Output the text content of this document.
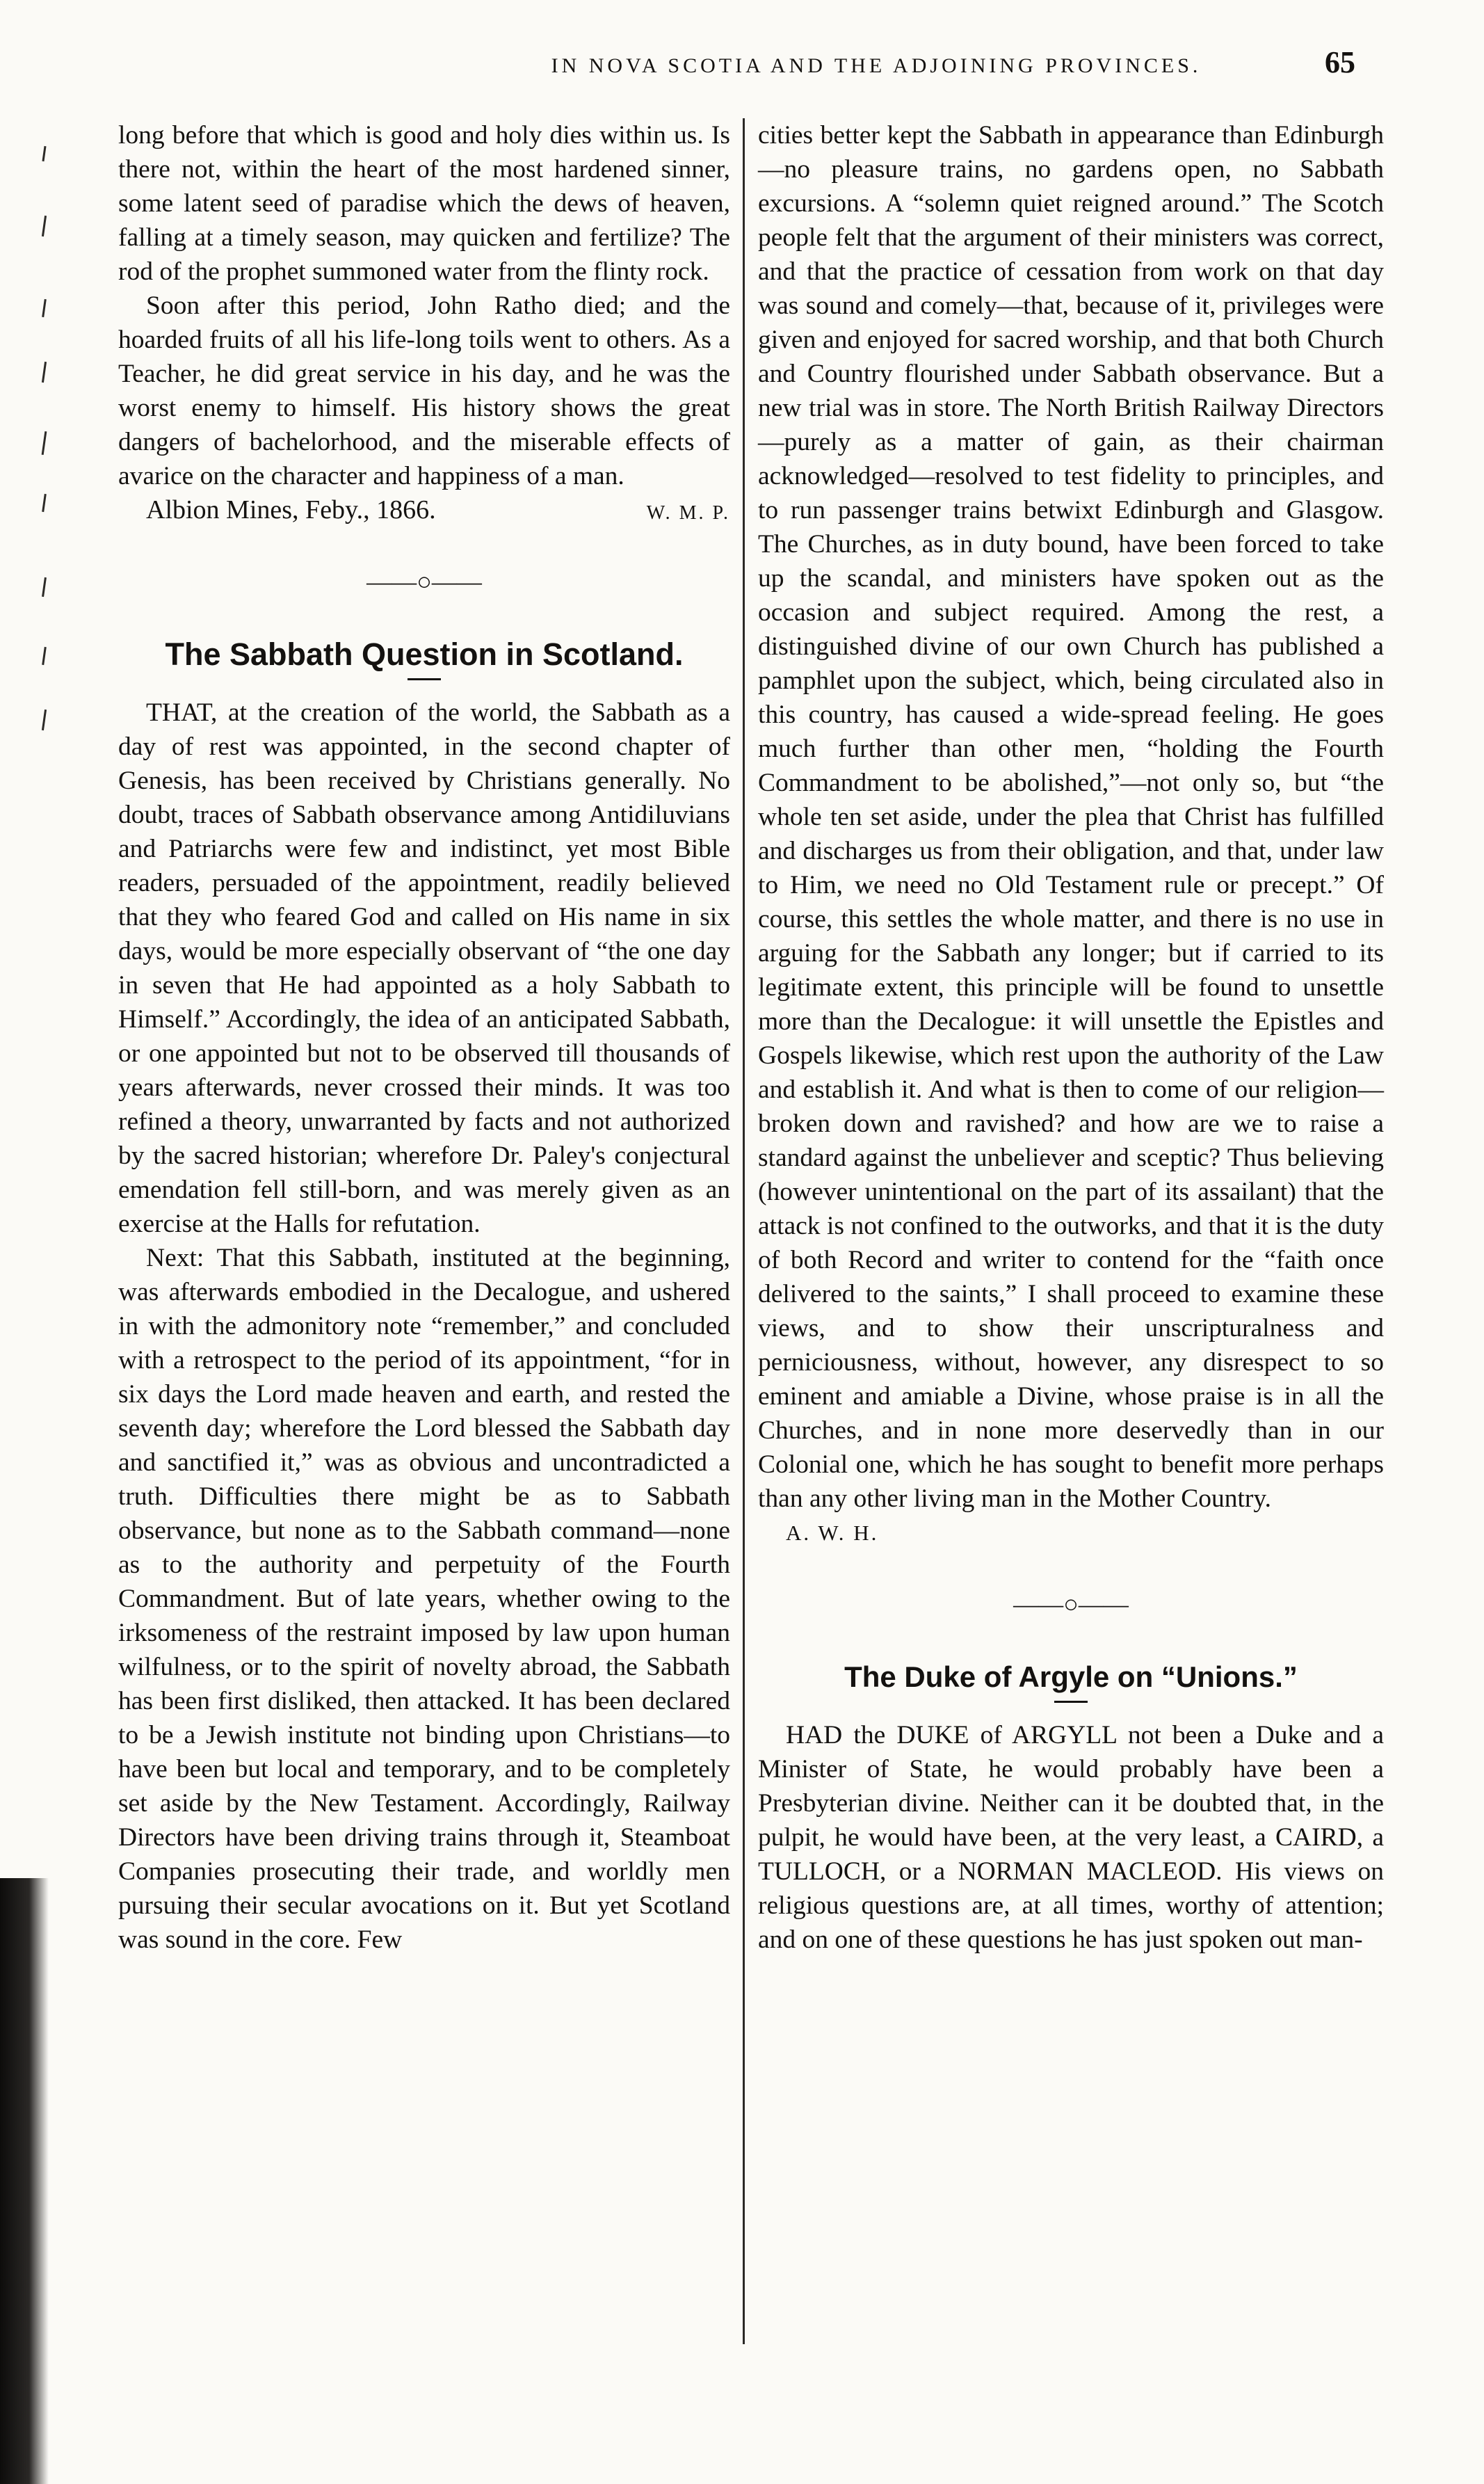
IN NOVA SCOTIA AND THE ADJOINING PROVINCES.	65

long before that which is good and holy dies within us. Is there not, within the heart of the most hardened sinner, some latent seed of paradise which the dews of heaven, falling at a timely season, may quicken and fertilize? The rod of the prophet summoned water from the flinty rock.

Soon after this period, John Ratho died; and the hoarded fruits of all his life-long toils went to others. As a Teacher, he did great service in his day, and he was the worst enemy to himself. His history shows the great dangers of bachelorhood, and the miserable effects of avarice on the character and happiness of a man.
W. M. P.

Albion Mines, Feby., 1866.

——○——
The Sabbath Question in Scotland.

THAT, at the creation of the world, the Sabbath as a day of rest was appointed, in the second chapter of Genesis, has been received by Christians generally. No doubt, traces of Sabbath observance among Antidiluvians and Patriarchs were few and indistinct, yet most Bible readers, persuaded of the appointment, readily believed that they who feared God and called on His name in six days, would be more especially observant of “the one day in seven that He had appointed as a holy Sabbath to Himself.” Accordingly, the idea of an anticipated Sabbath, or one appointed but not to be observed till thousands of years afterwards, never crossed their minds. It was too refined a theory, unwarranted by facts and not authorized by the sacred historian; wherefore Dr. Paley's conjectural emendation fell still-born, and was merely given as an exercise at the Halls for refutation.

Next: That this Sabbath, instituted at the beginning, was afterwards embodied in the Decalogue, and ushered in with the admonitory note “remember,” and concluded with a retrospect to the period of its appointment, “for in six days the Lord made heaven and earth, and rested the seventh day; wherefore the Lord blessed the Sabbath day and sanctified it,” was as obvious and uncontradicted a truth. Difficulties there might be as to Sabbath observance, but none as to the Sabbath command—none as to the authority and perpetuity of the Fourth Commandment. But of late years, whether owing to the irksomeness of the restraint imposed by law upon human wilfulness, or to the spirit of novelty abroad, the Sabbath has been first disliked, then attacked. It has been declared to be a Jewish institute not binding upon Christians—to have been but local and temporary, and to be completely set aside by the New Testament. Accordingly, Railway Directors have been driving trains through it, Steamboat Companies prosecuting their trade, and worldly men pursuing their secular avocations on it. But yet Scotland was sound in the core. Few

cities better kept the Sabbath in appearance than Edinburgh—no pleasure trains, no gardens open, no Sabbath excursions. A “solemn quiet reigned around.” The Scotch people felt that the argument of their ministers was correct, and that the practice of cessation from work on that day was sound and comely—that, because of it, privileges were given and enjoyed for sacred worship, and that both Church and Country flourished under Sabbath observance. But a new trial was in store. The North British Railway Directors—purely as a matter of gain, as their chairman acknowledged—resolved to test fidelity to principles, and to run passenger trains betwixt Edinburgh and Glasgow. The Churches, as in duty bound, have been forced to take up the scandal, and ministers have spoken out as the occasion and subject required. Among the rest, a distinguished divine of our own Church has published a pamphlet upon the subject, which, being circulated also in this country, has caused a wide-spread feeling. He goes much further than other men, “holding the Fourth Commandment to be abolished,”—not only so, but “the whole ten set aside, under the plea that Christ has fulfilled and discharges us from their obligation, and that, under law to Him, we need no Old Testament rule or precept.” Of course, this settles the whole matter, and there is no use in arguing for the Sabbath any longer; but if carried to its legitimate extent, this principle will be found to unsettle more than the Decalogue: it will unsettle the Epistles and Gospels likewise, which rest upon the authority of the Law and establish it. And what is then to come of our religion—broken down and ravished? and how are we to raise a standard against the unbeliever and sceptic? Thus believing (however unintentional on the part of its assailant) that the attack is not confined to the outworks, and that it is the duty of both Record and writer to contend for the “faith once delivered to the saints,” I shall proceed to examine these views, and to show their unscripturalness and perniciousness, without, however, any disrespect to so eminent and amiable a Divine, whose praise is in all the Churches, and in none more deservedly than in our Colonial one, which he has sought to benefit more perhaps than any other living man in the Mother Country.

A. W. H.

——○——
The Duke of Argyle on “Unions.”

HAD the DUKE of ARGYLL not been a Duke and a Minister of State, he would probably have been a Presbyterian divine. Neither can it be doubted that, in the pulpit, he would have been, at the very least, a CAIRD, a TULLOCH, or a NORMAN MACLEOD. His views on religious questions are, at all times, worthy of attention; and on one of these questions he has just spoken out man-
